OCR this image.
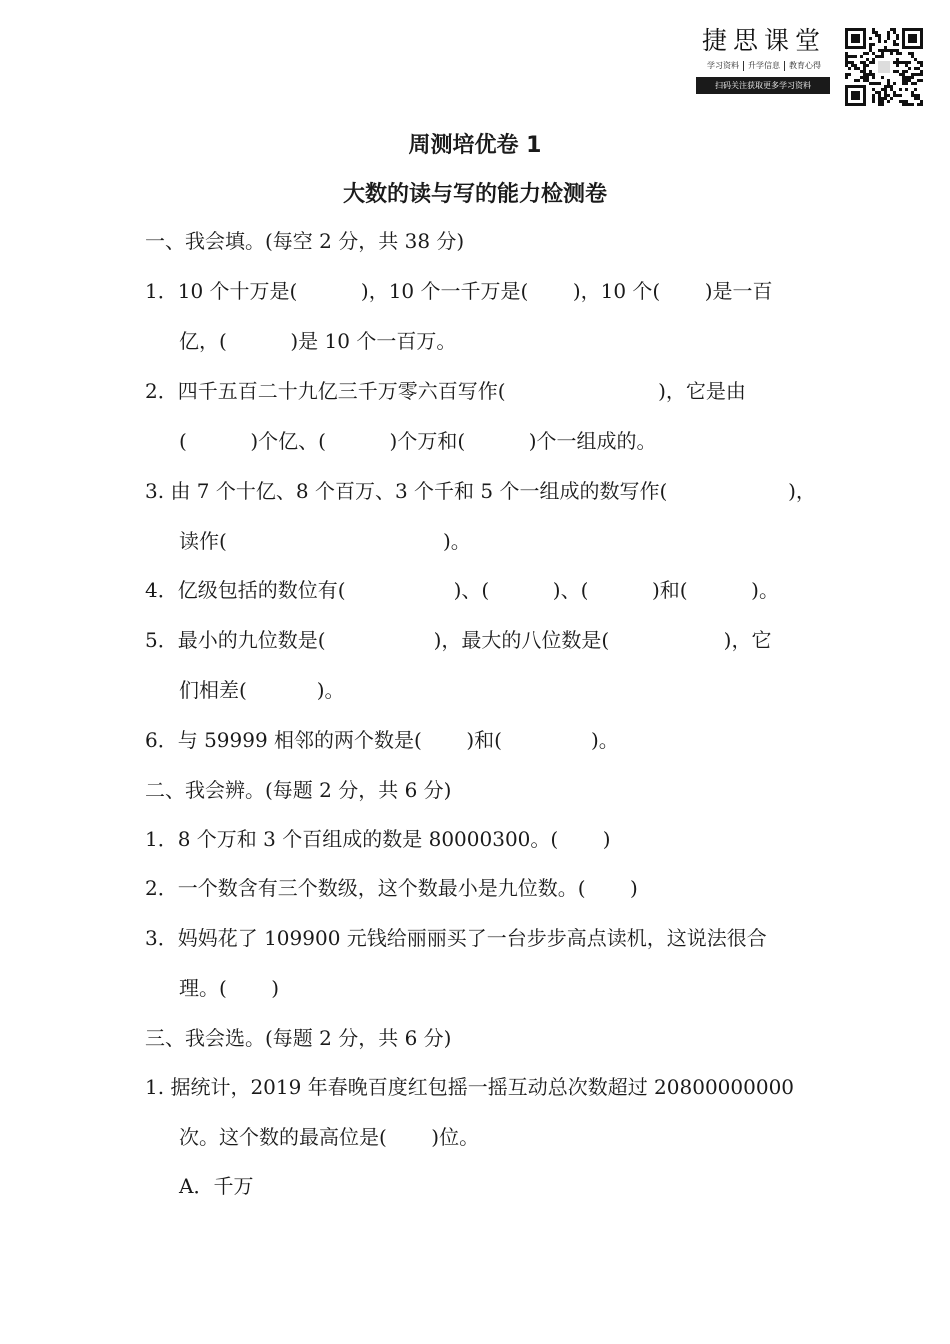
捷思课堂
学习资料	升学信息	教育心得
扫码关注获取更多学习资料
周测培优卷 1
大数的读与写的能力检测卷
一、我会填。(每空 2 分，共 38 分)
1．10 个十万是(          )，10 个一千万是(       )，10 个(       )是一百
亿，(          )是 10 个一百万。
2．四千五百二十九亿三千万零六百写作(                        )，它是由
(          )个亿、(          )个万和(          )个一组成的。
3. 由 7 个十亿、8 个百万、3 个千和 5 个一组成的数写作(                   )，
读作(                                  )。
4．亿级包括的数位有(                 )、(          )、(          )和(          )。
5．最小的九位数是(                 )，最大的八位数是(                  )，它
们相差(           )。
6．与 59999 相邻的两个数是(       )和(              )。
二、我会辨。(每题 2 分，共 6 分)
1．8 个万和 3 个百组成的数是 80000300。(       )
2．一个数含有三个数级，这个数最小是九位数。(       )
3．妈妈花了 109900 元钱给丽丽买了一台步步高点读机，这说法很合
理。(       )
三、我会选。(每题 2 分，共 6 分)
1. 据统计，2019 年春晚百度红包摇一摇互动总次数超过 20800000000
次。这个数的最高位是(       )位。
A．千万
